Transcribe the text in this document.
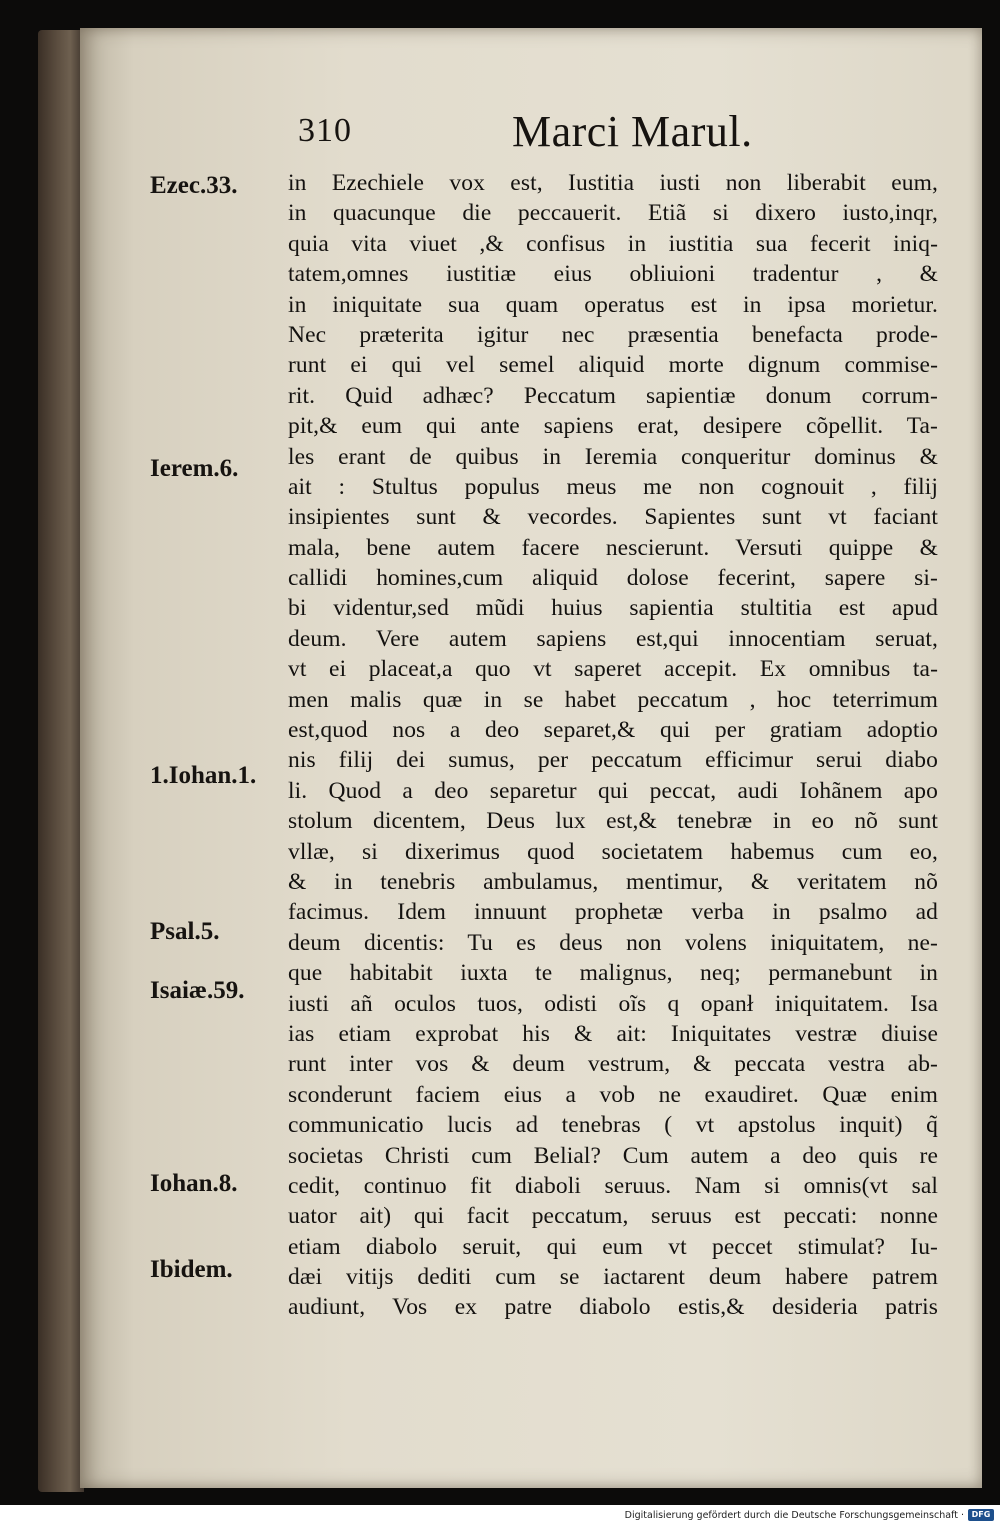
310	Marci Marul.
Ezec.33.
Ierem.6.
1.Iohan.1.
Psal.5.
Isaiæ.59.
Iohan.8.
Ibidem.
in Ezechiele vox est, Iustitia iusti non liberabit eum,
in quacunque die peccauerit. Etiã si dixero iusto,inqr,
quia vita viuet ,& confisus in iustitia sua fecerit iniq-
tatem,omnes iustitiæ eius obliuioni tradentur , &
in iniquitate sua quam operatus est in ipsa morietur.
Nec præterita igitur nec præsentia benefacta prode-
runt ei qui vel semel aliquid morte dignum commise-
rit. Quid adhæc? Peccatum sapientiæ donum corrum-
pit,& eum qui ante sapiens erat, desipere cõpellit. Ta-
les erant de quibus in Ieremia conqueritur dominus &
ait : Stultus populus meus me non cognouit , filij
insipientes sunt & vecordes. Sapientes sunt vt faciant
mala, bene autem facere nescierunt. Versuti quippe &
callidi homines,cum aliquid dolose fecerint, sapere si-
bi videntur,sed mũdi huius sapientia stultitia est apud
deum. Vere autem sapiens est,qui innocentiam seruat,
vt ei placeat,a quo vt saperet accepit. Ex omnibus ta-
men malis quæ in se habet peccatum , hoc teterrimum
est,quod nos a deo separet,& qui per gratiam adoptio
nis filij dei sumus, per peccatum efficimur serui diabo
li. Quod a deo separetur qui peccat, audi Iohãnem apo
stolum dicentem, Deus lux est,& tenebræ in eo nõ sunt
vllæ, si dixerimus quod societatem habemus cum eo,
& in tenebris ambulamus, mentimur, & veritatem nõ
facimus. Idem innuunt prophetæ verba in psalmo ad
deum dicentis: Tu es deus non volens iniquitatem, ne-
que habitabit iuxta te malignus, neq; permanebunt in
iusti añ oculos tuos, odisti oĩs q opanł iniquitatem. Isa
ias etiam exprobat his & ait: Iniquitates vestræ diuise
runt inter vos & deum vestrum, & peccata vestra ab-
sconderunt faciem eius a vob ne exaudiret. Quæ enim
communicatio lucis ad tenebras ( vt apstolus inquit) q̃
societas Christi cum Belial? Cum autem a deo quis re
cedit, continuo fit diaboli seruus. Nam si omnis(vt sal
uator ait) qui facit peccatum, seruus est peccati: nonne
etiam diabolo seruit, qui eum vt peccet stimulat? Iu-
dæi vitijs dediti cum se iactarent deum habere patrem
audiunt, Vos ex patre diabolo estis,& desideria patris
Digitalisierung gefördert durch die Deutsche Forschungsgemeinschaft · DFG
